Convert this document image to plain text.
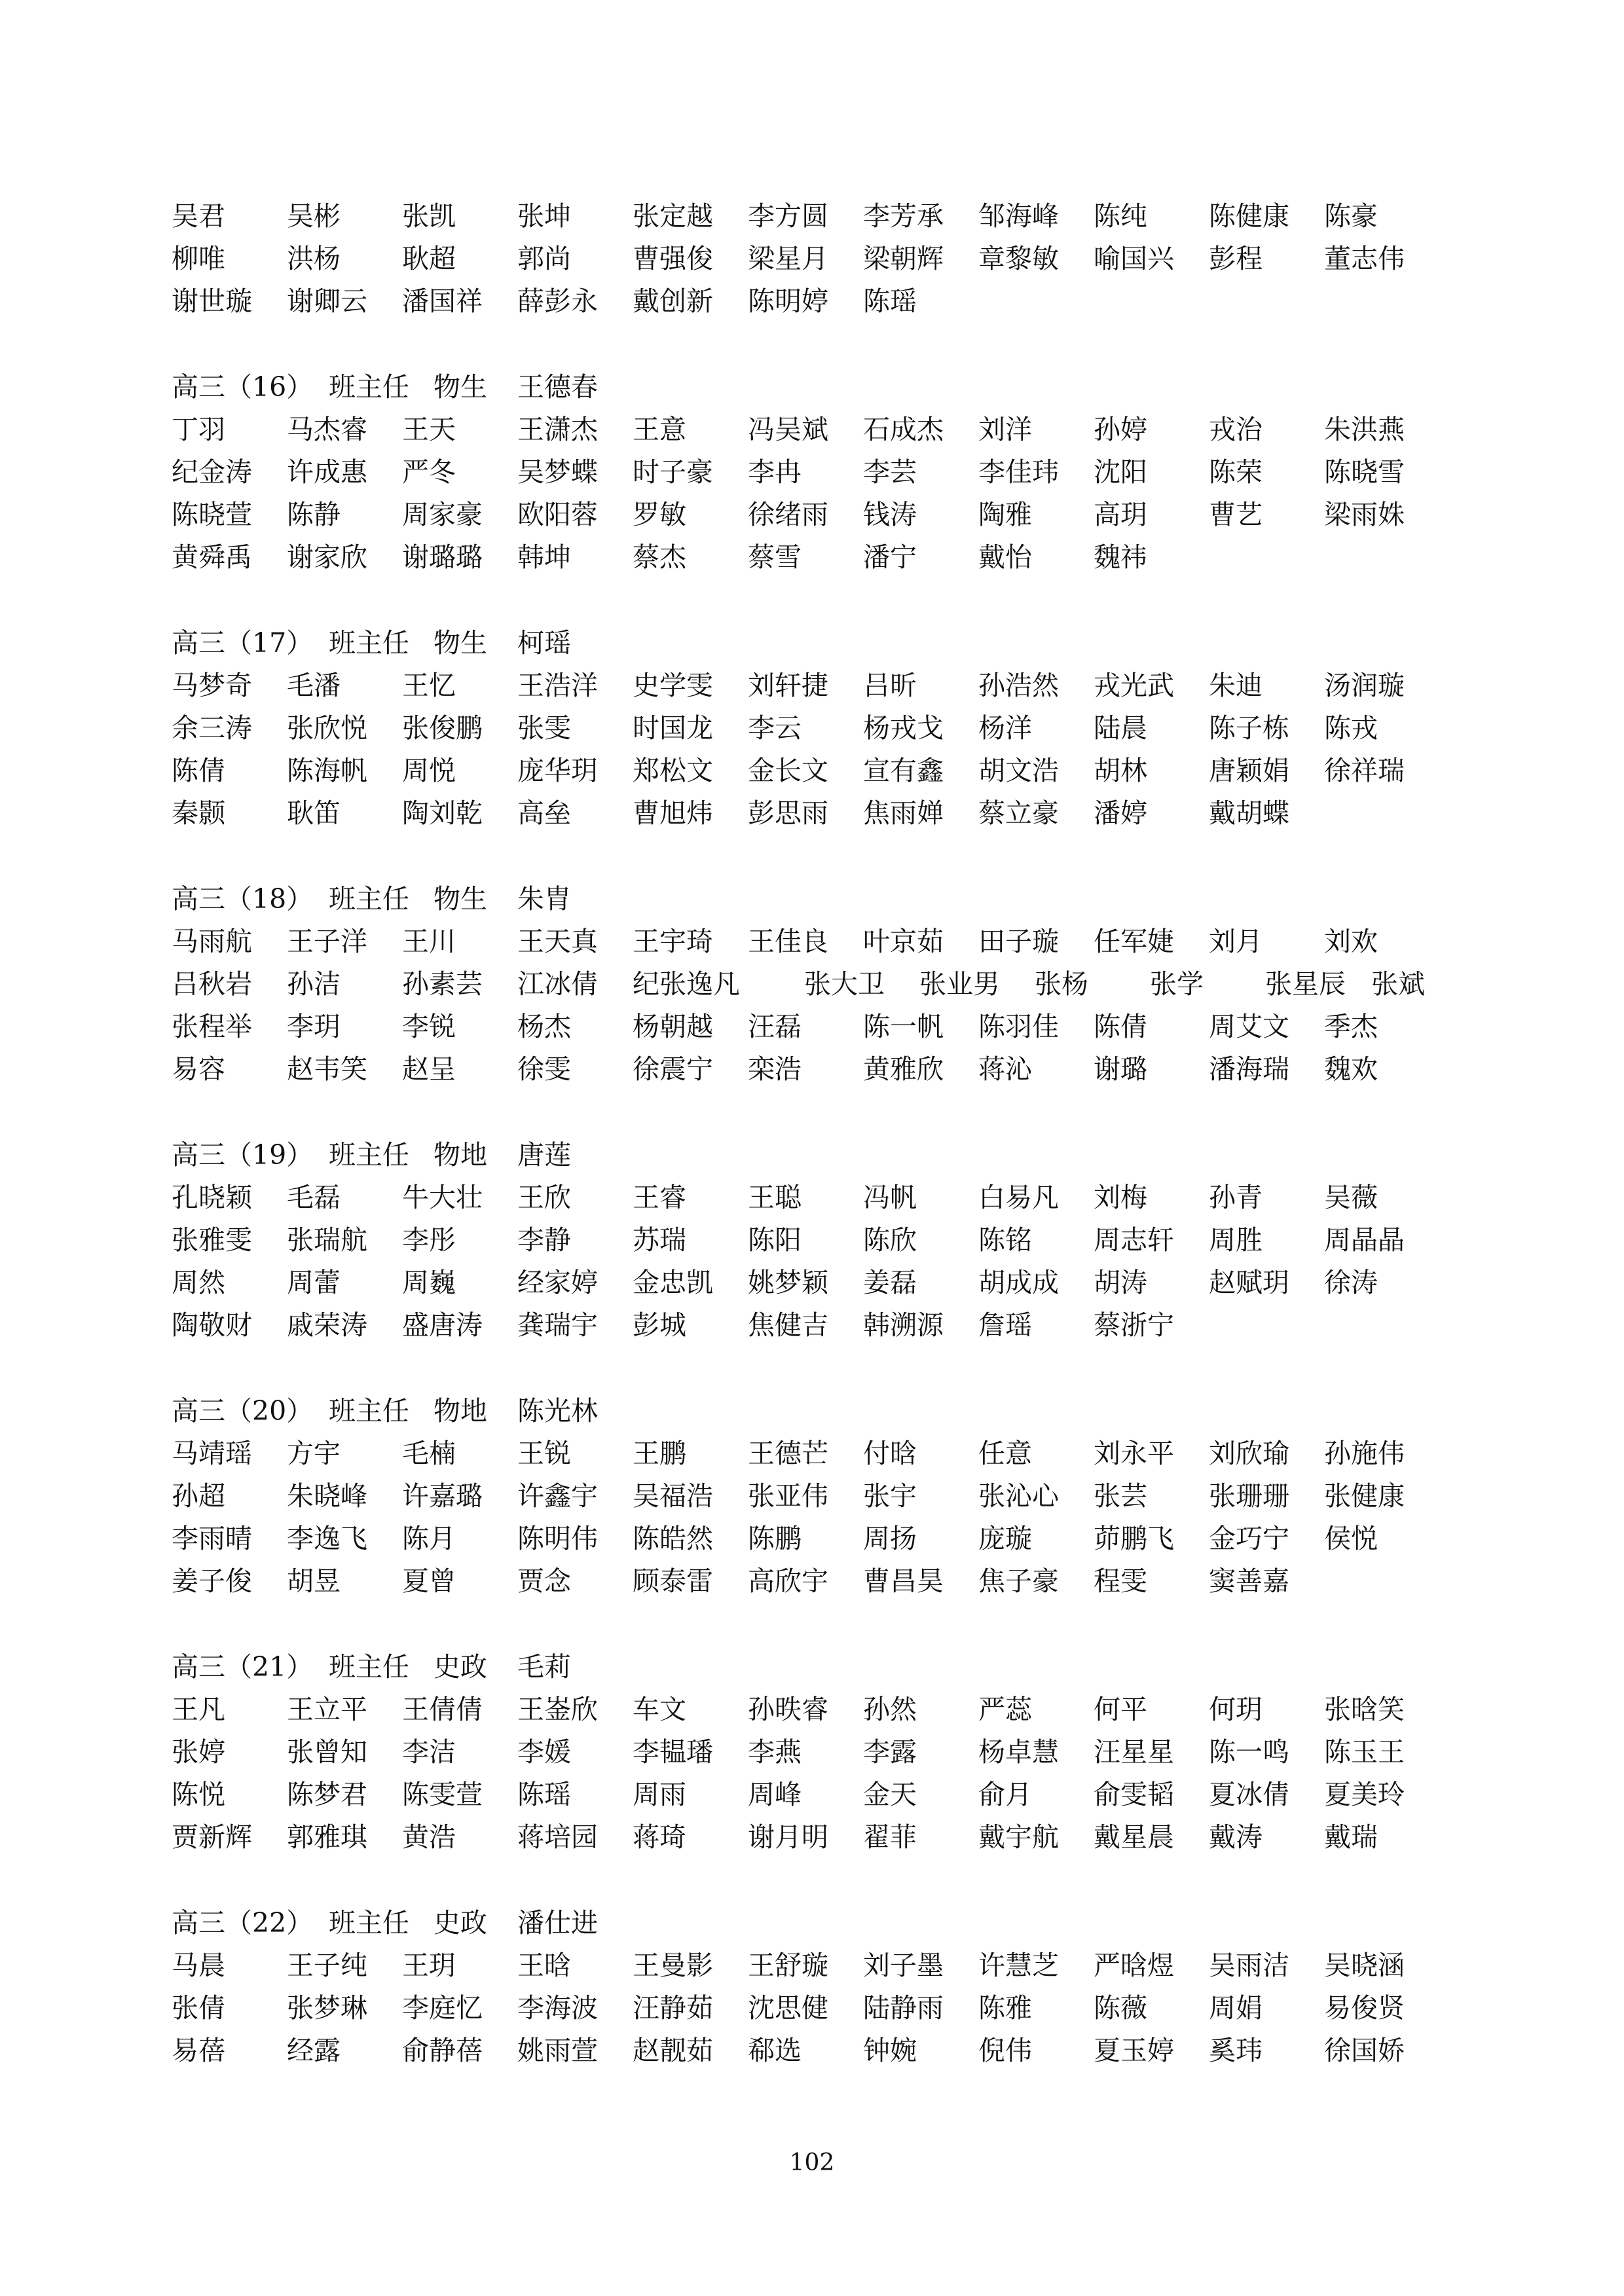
吴君 吴彬 张凯 张坤 张定越 李方圆 李芳承 邹海峰 陈纯 陈健康 陈豪
柳唯 洪杨 耿超 郭尚 曹强俊 梁星月 梁朝辉 章黎敏 喻国兴 彭程 董志伟
谢世璇 谢卿云 潘国祥 薛彭永 戴创新 陈明婷 陈瑶
高三（16） 班主任 物生 王德春
丁羽 马杰睿 王天 王潇杰 王意 冯吴斌 石成杰 刘洋 孙婷 戎治 朱洪燕
纪金涛 许成惠 严冬 吴梦蝶 时子豪 李冉 李芸 李佳玮 沈阳 陈荣 陈晓雪
陈晓萱 陈静 周家豪 欧阳蓉 罗敏 徐绪雨 钱涛 陶雅 高玥 曹艺 梁雨姝
黄舜禹 谢家欣 谢璐璐 韩坤 蔡杰 蔡雪 潘宁 戴怡 魏祎
高三（17） 班主任 物生 柯瑶
马梦奇 毛潘 王忆 王浩洋 史学雯 刘轩捷 吕昕 孙浩然 戎光武 朱迪 汤润璇
余三涛 张欣悦 张俊鹏 张雯 时国龙 李云 杨戎戈 杨洋 陆晨 陈子栋 陈戎
陈倩 陈海帆 周悦 庞华玥 郑松文 金长文 宣有鑫 胡文浩 胡林 唐颖娟 徐祥瑞
秦颢 耿笛 陶刘乾 高垒 曹旭炜 彭思雨 焦雨婵 蔡立豪 潘婷 戴胡蝶
高三（18） 班主任 物生 朱胄
马雨航 王子洋 王川 王天真 王宇琦 王佳良 叶京茹 田子璇 任军婕 刘月 刘欢
吕秋岩 孙洁 孙素芸 江冰倩 纪张逸凡 张大卫 张业男 张杨 张学 张星辰 张斌
张程举 李玥 李锐 杨杰 杨朝越 汪磊 陈一帆 陈羽佳 陈倩 周艾文 季杰
易容 赵韦笑 赵呈 徐雯 徐震宁 栾浩 黄雅欣 蒋沁 谢璐 潘海瑞 魏欢
高三（19） 班主任 物地 唐莲
孔晓颖 毛磊 牛大壮 王欣 王睿 王聪 冯帆 白易凡 刘梅 孙青 吴薇
张雅雯 张瑞航 李彤 李静 苏瑞 陈阳 陈欣 陈铭 周志轩 周胜 周晶晶
周然 周蕾 周巍 经家婷 金忠凯 姚梦颖 姜磊 胡成成 胡涛 赵赋玥 徐涛
陶敬财 戚荣涛 盛唐涛 龚瑞宇 彭城 焦健吉 韩溯源 詹瑶 蔡浙宁
高三（20） 班主任 物地 陈光林
马靖瑶 方宇 毛楠 王锐 王鹏 王德芒 付晗 任意 刘永平 刘欣瑜 孙施伟
孙超 朱晓峰 许嘉璐 许鑫宇 吴福浩 张亚伟 张宇 张沁心 张芸 张珊珊 张健康
李雨晴 李逸飞 陈月 陈明伟 陈皓然 陈鹏 周扬 庞璇 茆鹏飞 金巧宁 侯悦
姜子俊 胡昱 夏曾 贾念 顾泰雷 高欣宇 曹昌昊 焦子豪 程雯 窦善嘉
高三（21） 班主任 史政 毛莉
王凡 王立平 王倩倩 王崟欣 车文 孙昳睿 孙然 严蕊 何平 何玥 张晗笑
张婷 张曾知 李洁 李媛 李韫璠 李燕 李露 杨卓慧 汪星星 陈一鸣 陈玉王
陈悦 陈梦君 陈雯萱 陈瑶 周雨 周峰 金天 俞月 俞雯韬 夏冰倩 夏美玲
贾新辉 郭雅琪 黄浩 蒋培园 蒋琦 谢月明 翟菲 戴宇航 戴星晨 戴涛 戴瑞
高三（22） 班主任 史政 潘仕进
马晨 王子纯 王玥 王晗 王曼影 王舒璇 刘子墨 许慧芝 严晗煜 吴雨洁 吴晓涵
张倩 张梦琳 李庭忆 李海波 汪静茹 沈思健 陆静雨 陈雅 陈薇 周娟 易俊贤
易蓓 经露 俞静蓓 姚雨萱 赵靓茹 郗选 钟婉 倪伟 夏玉婷 奚玮 徐国娇
102
